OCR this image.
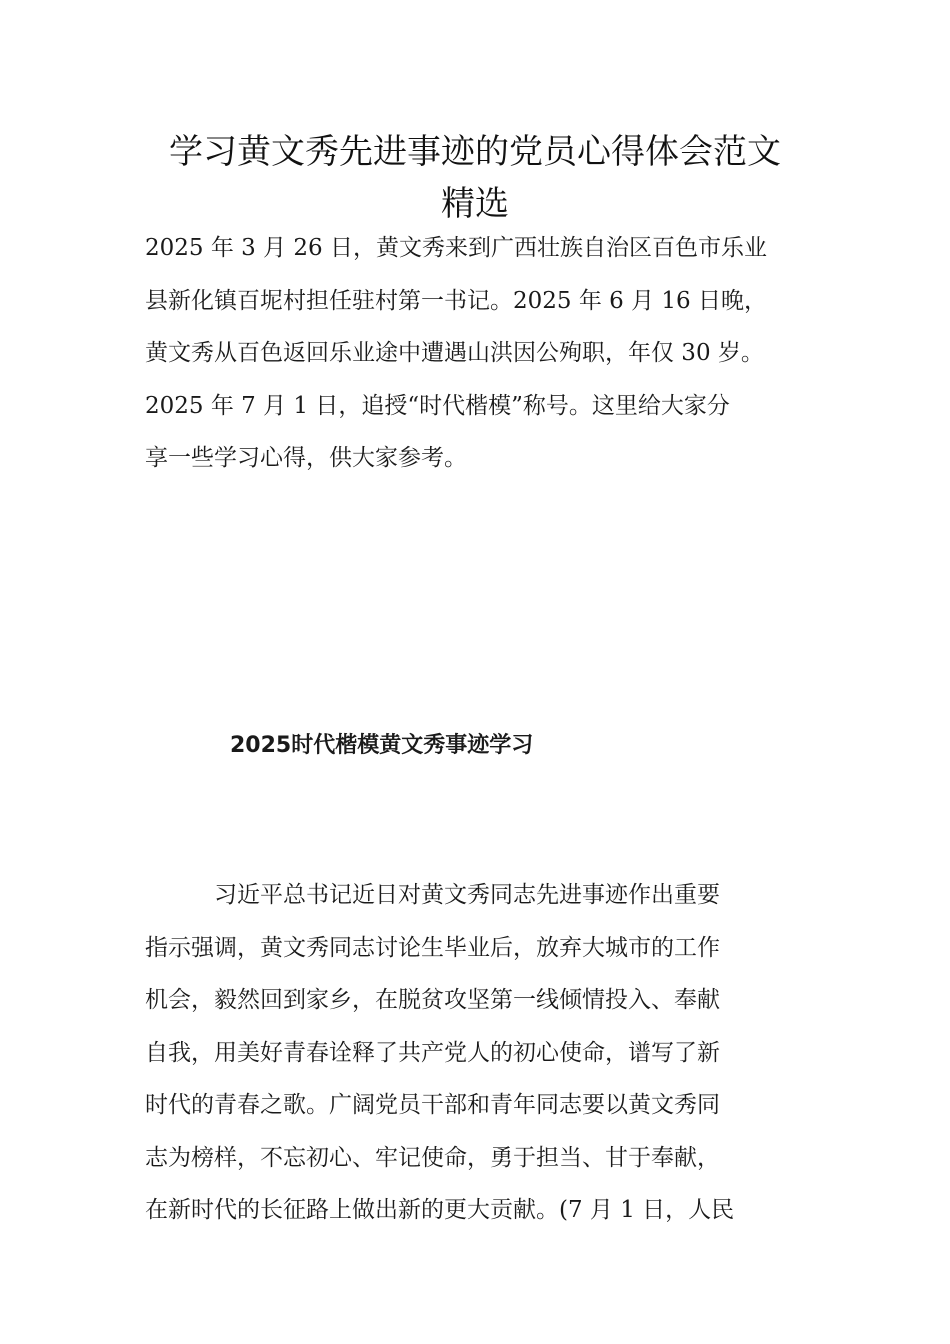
学习黄文秀先进事迹的党员心得体会范文
精选
2025 年 3 月 26 日，黄文秀来到广西壮族自治区百色市乐业
县新化镇百坭村担任驻村第一书记。2025 年 6 月 16 日晚，
黄文秀从百色返回乐业途中遭遇山洪因公殉职，年仅 30 岁。
2025 年 7 月 1 日，追授“时代楷模”称号。这里给大家分
享一些学习心得，供大家参考。
2025时代楷模黄文秀事迹学习
　　　习近平总书记近日对黄文秀同志先进事迹作出重要
指示强调，黄文秀同志讨论生毕业后，放弃大城市的工作
机会，毅然回到家乡，在脱贫攻坚第一线倾情投入、奉献
自我，用美好青春诠释了共产党人的初心使命，谱写了新
时代的青春之歌。广阔党员干部和青年同志要以黄文秀同
志为榜样，不忘初心、牢记使命，勇于担当、甘于奉献，
在新时代的长征路上做出新的更大贡献。(7 月 1 日，人民
